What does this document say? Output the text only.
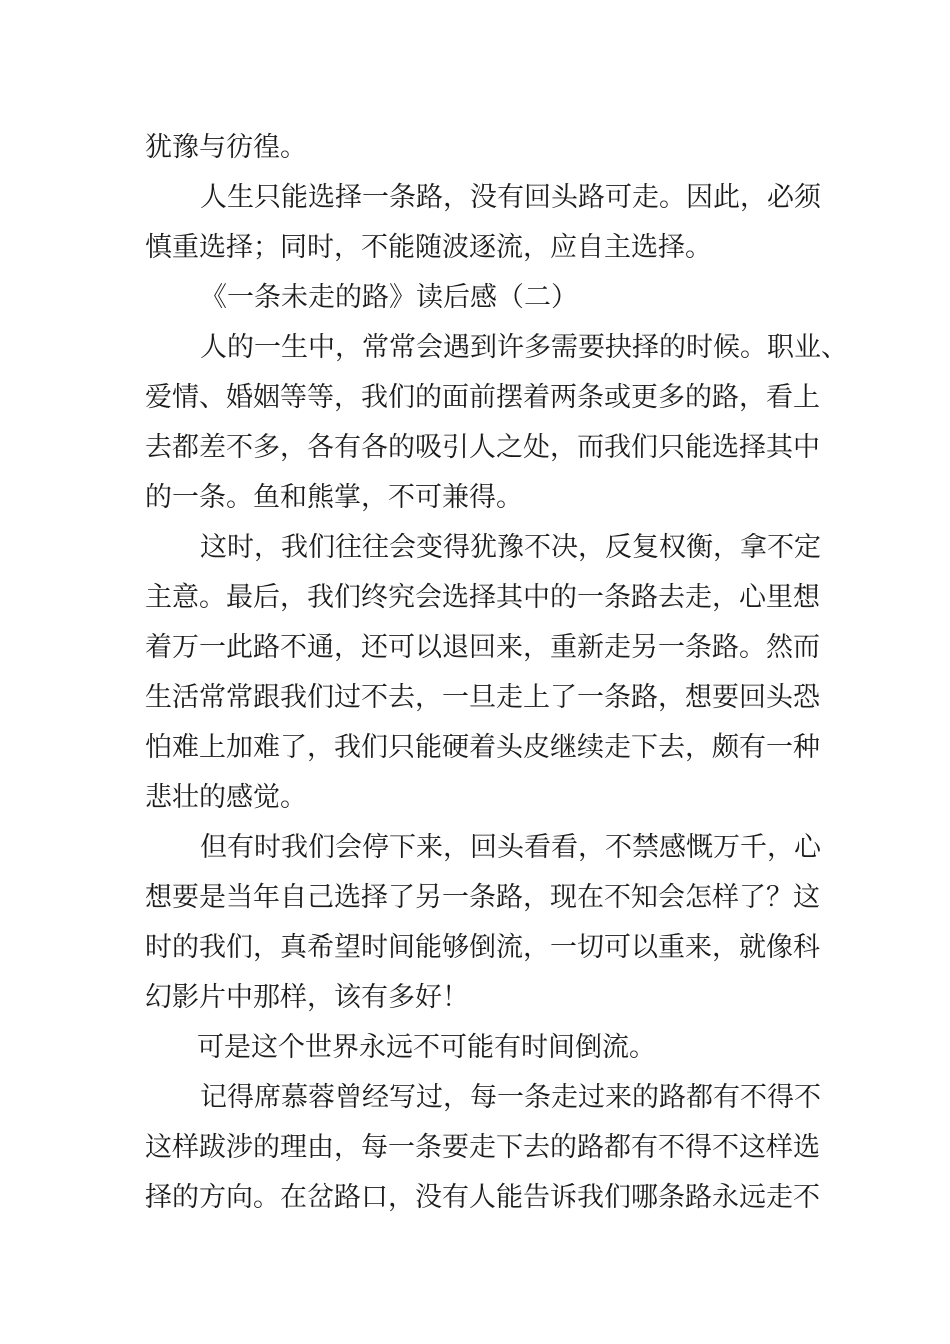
犹豫与彷徨。
人生只能选择一条路，没有回头路可走。因此，必须
慎重选择；同时，不能随波逐流，应自主选择。
《一条未走的路》读后感（二）
人的一生中，常常会遇到许多需要抉择的时候。职业、
爱情、婚姻等等，我们的面前摆着两条或更多的路，看上
去都差不多，各有各的吸引人之处，而我们只能选择其中
的一条。鱼和熊掌，不可兼得。
这时，我们往往会变得犹豫不决，反复权衡，拿不定
主意。最后，我们终究会选择其中的一条路去走，心里想
着万一此路不通，还可以退回来，重新走另一条路。然而
生活常常跟我们过不去，一旦走上了一条路，想要回头恐
怕难上加难了，我们只能硬着头皮继续走下去，颇有一种
悲壮的感觉。
但有时我们会停下来，回头看看，不禁感慨万千，心
想要是当年自己选择了另一条路，现在不知会怎样了？这
时的我们，真希望时间能够倒流，一切可以重来，就像科
幻影片中那样，该有多好！
可是这个世界永远不可能有时间倒流。
记得席慕蓉曾经写过，每一条走过来的路都有不得不
这样跋涉的理由，每一条要走下去的路都有不得不这样选
择的方向。在岔路口，没有人能告诉我们哪条路永远走不
